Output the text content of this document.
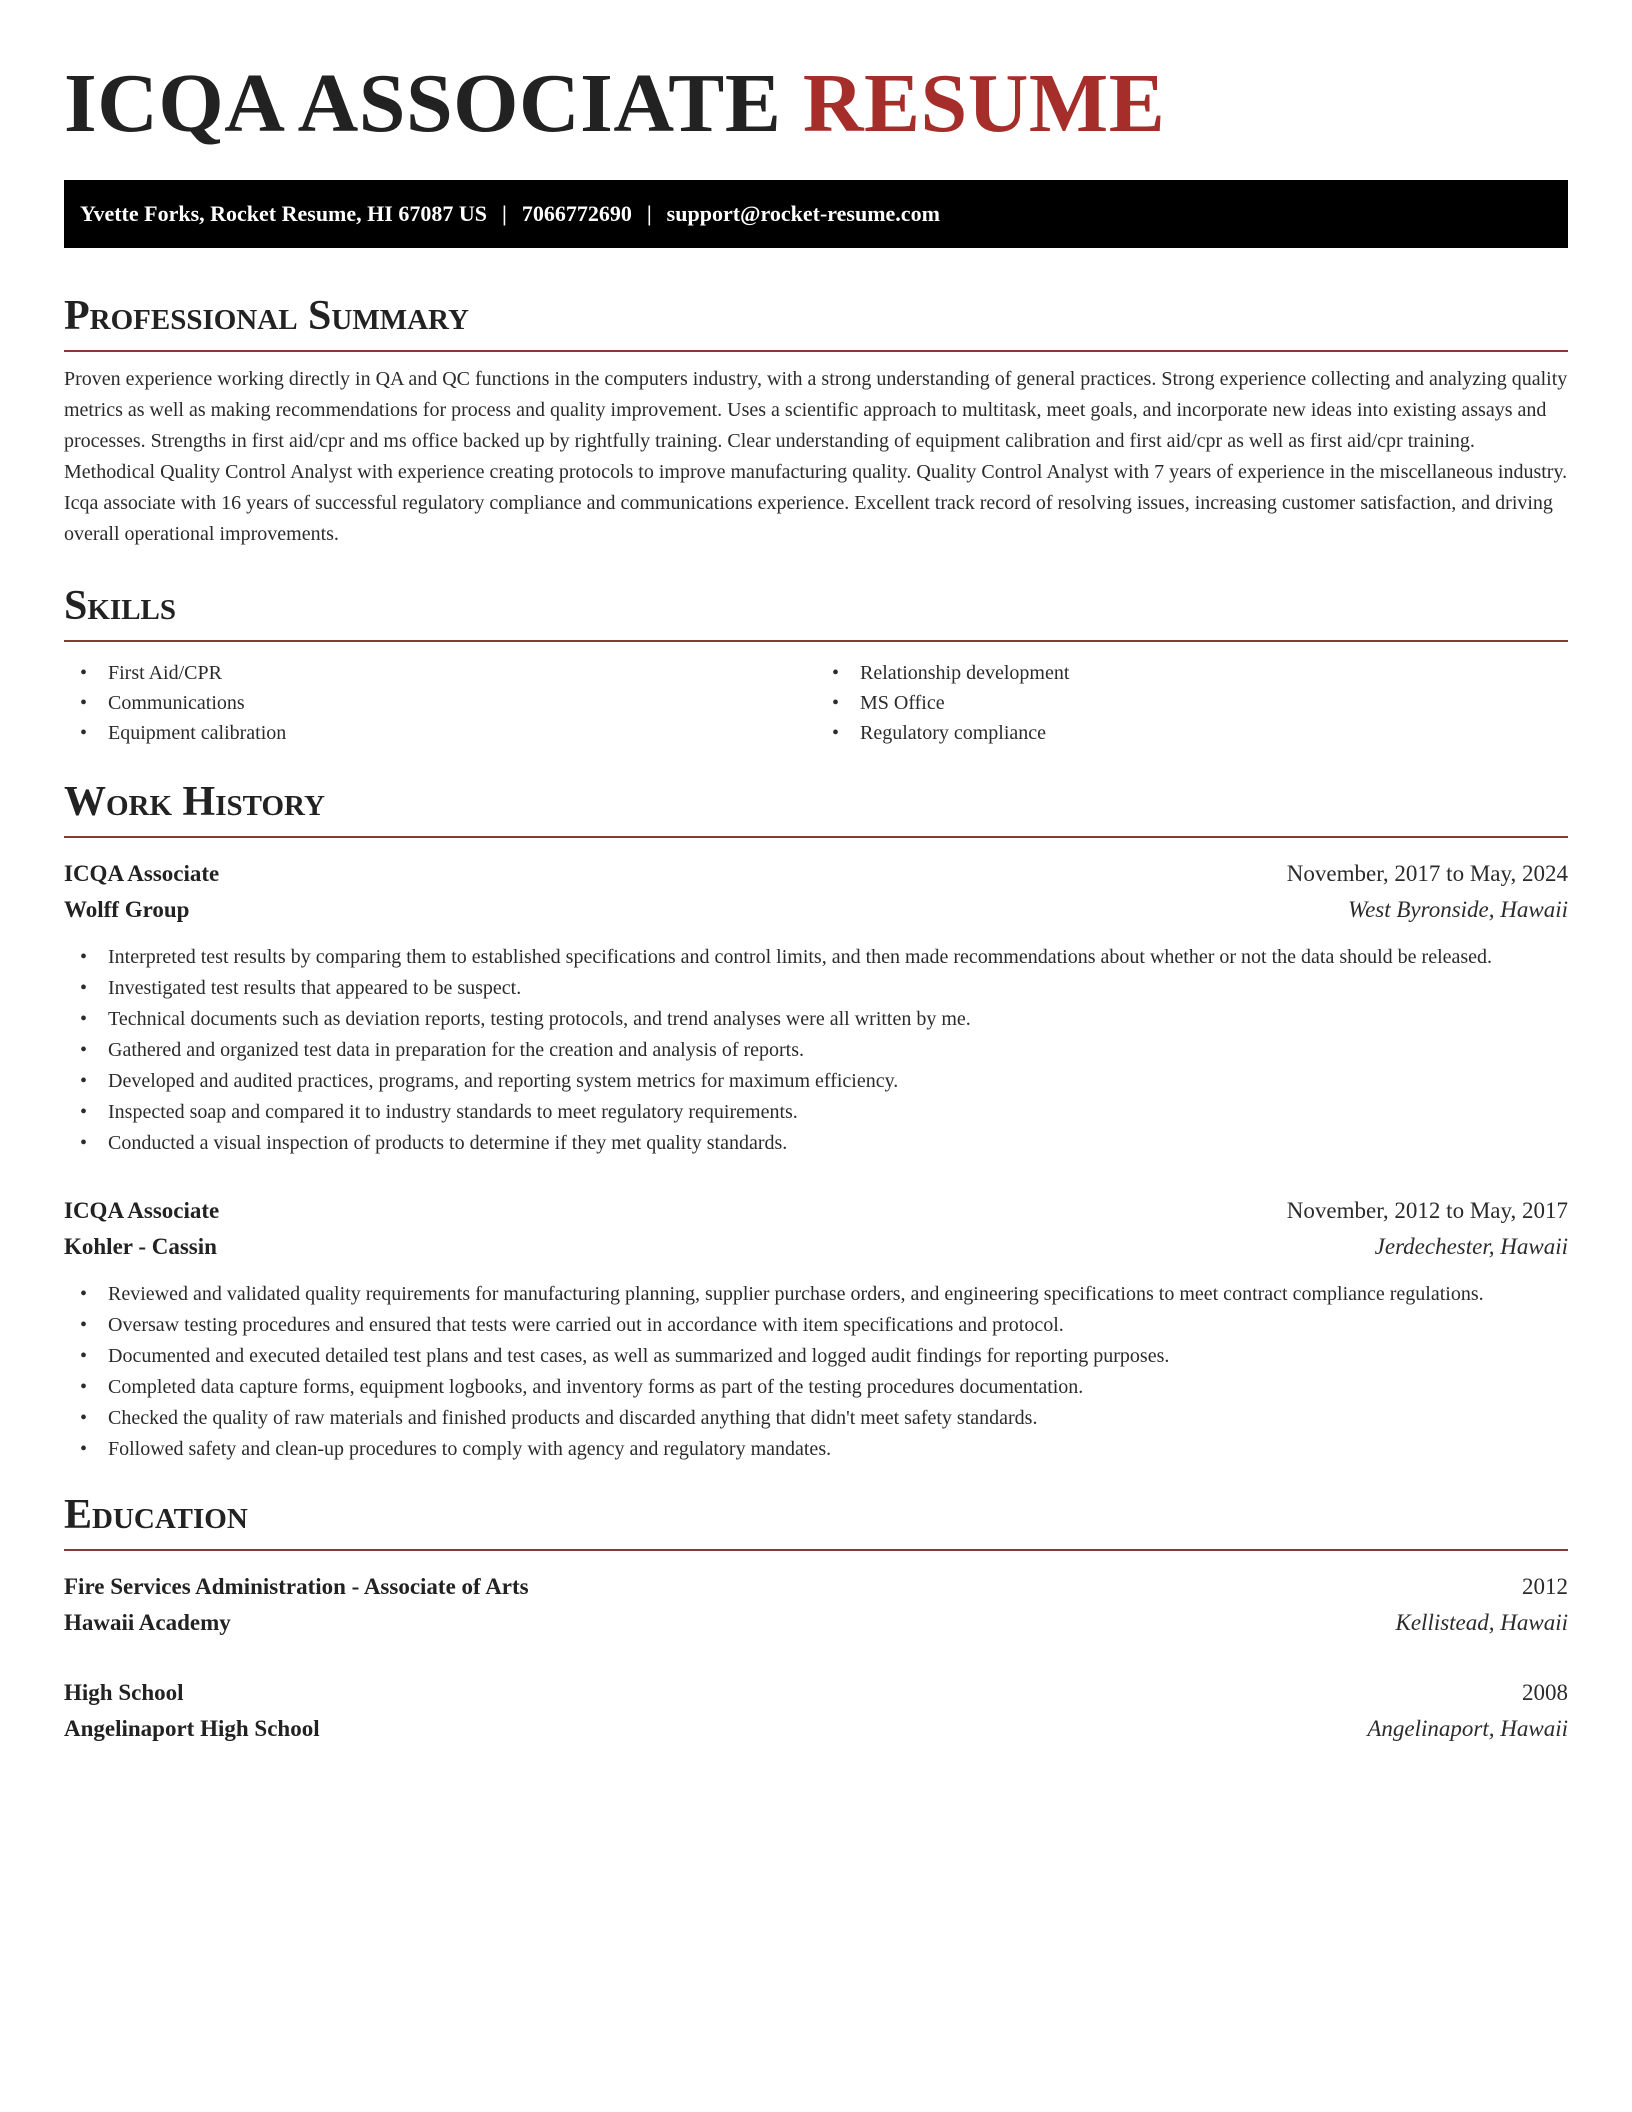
ICQA ASSOCIATE RESUME
Yvette Forks, Rocket Resume, HI 67087 US | 7066772690 | support@rocket-resume.com
Professional Summary

Proven experience working directly in QA and QC functions in the computers industry, with a strong understanding of general practices. Strong experience collecting and analyzing quality metrics as well as making recommendations for process and quality improvement. Uses a scientific approach to multitask, meet goals, and incorporate new ideas into existing assays and processes. Strengths in first aid/cpr and ms office backed up by rightfully training. Clear understanding of equipment calibration and first aid/cpr as well as first aid/cpr training. Methodical Quality Control Analyst with experience creating protocols to improve manufacturing quality. Quality Control Analyst with 7 years of experience in the miscellaneous industry. Icqa associate with 16 years of successful regulatory compliance and communications experience. Excellent track record of resolving issues, increasing customer satisfaction, and driving overall operational improvements.

Skills
• First Aid/CPR
• Communications
• Equipment calibration
• Relationship development
• MS Office
• Regulatory compliance
Work History
ICQA Associate	November, 2017 to May, 2024
Wolff Group	West Byronside, Hawaii
• Interpreted test results by comparing them to established specifications and control limits, and then made recommendations about whether or not the data should be released.
• Investigated test results that appeared to be suspect.
• Technical documents such as deviation reports, testing protocols, and trend analyses were all written by me.
• Gathered and organized test data in preparation for the creation and analysis of reports.
• Developed and audited practices, programs, and reporting system metrics for maximum efficiency.
• Inspected soap and compared it to industry standards to meet regulatory requirements.
• Conducted a visual inspection of products to determine if they met quality standards.
ICQA Associate	November, 2012 to May, 2017
Kohler - Cassin	Jerdechester, Hawaii
• Reviewed and validated quality requirements for manufacturing planning, supplier purchase orders, and engineering specifications to meet contract compliance regulations.
• Oversaw testing procedures and ensured that tests were carried out in accordance with item specifications and protocol.
• Documented and executed detailed test plans and test cases, as well as summarized and logged audit findings for reporting purposes.
• Completed data capture forms, equipment logbooks, and inventory forms as part of the testing procedures documentation.
• Checked the quality of raw materials and finished products and discarded anything that didn't meet safety standards.
• Followed safety and clean-up procedures to comply with agency and regulatory mandates.
Education
Fire Services Administration - Associate of Arts	2012
Hawaii Academy	Kellistead, Hawaii
High School	2008
Angelinaport High School	Angelinaport, Hawaii
